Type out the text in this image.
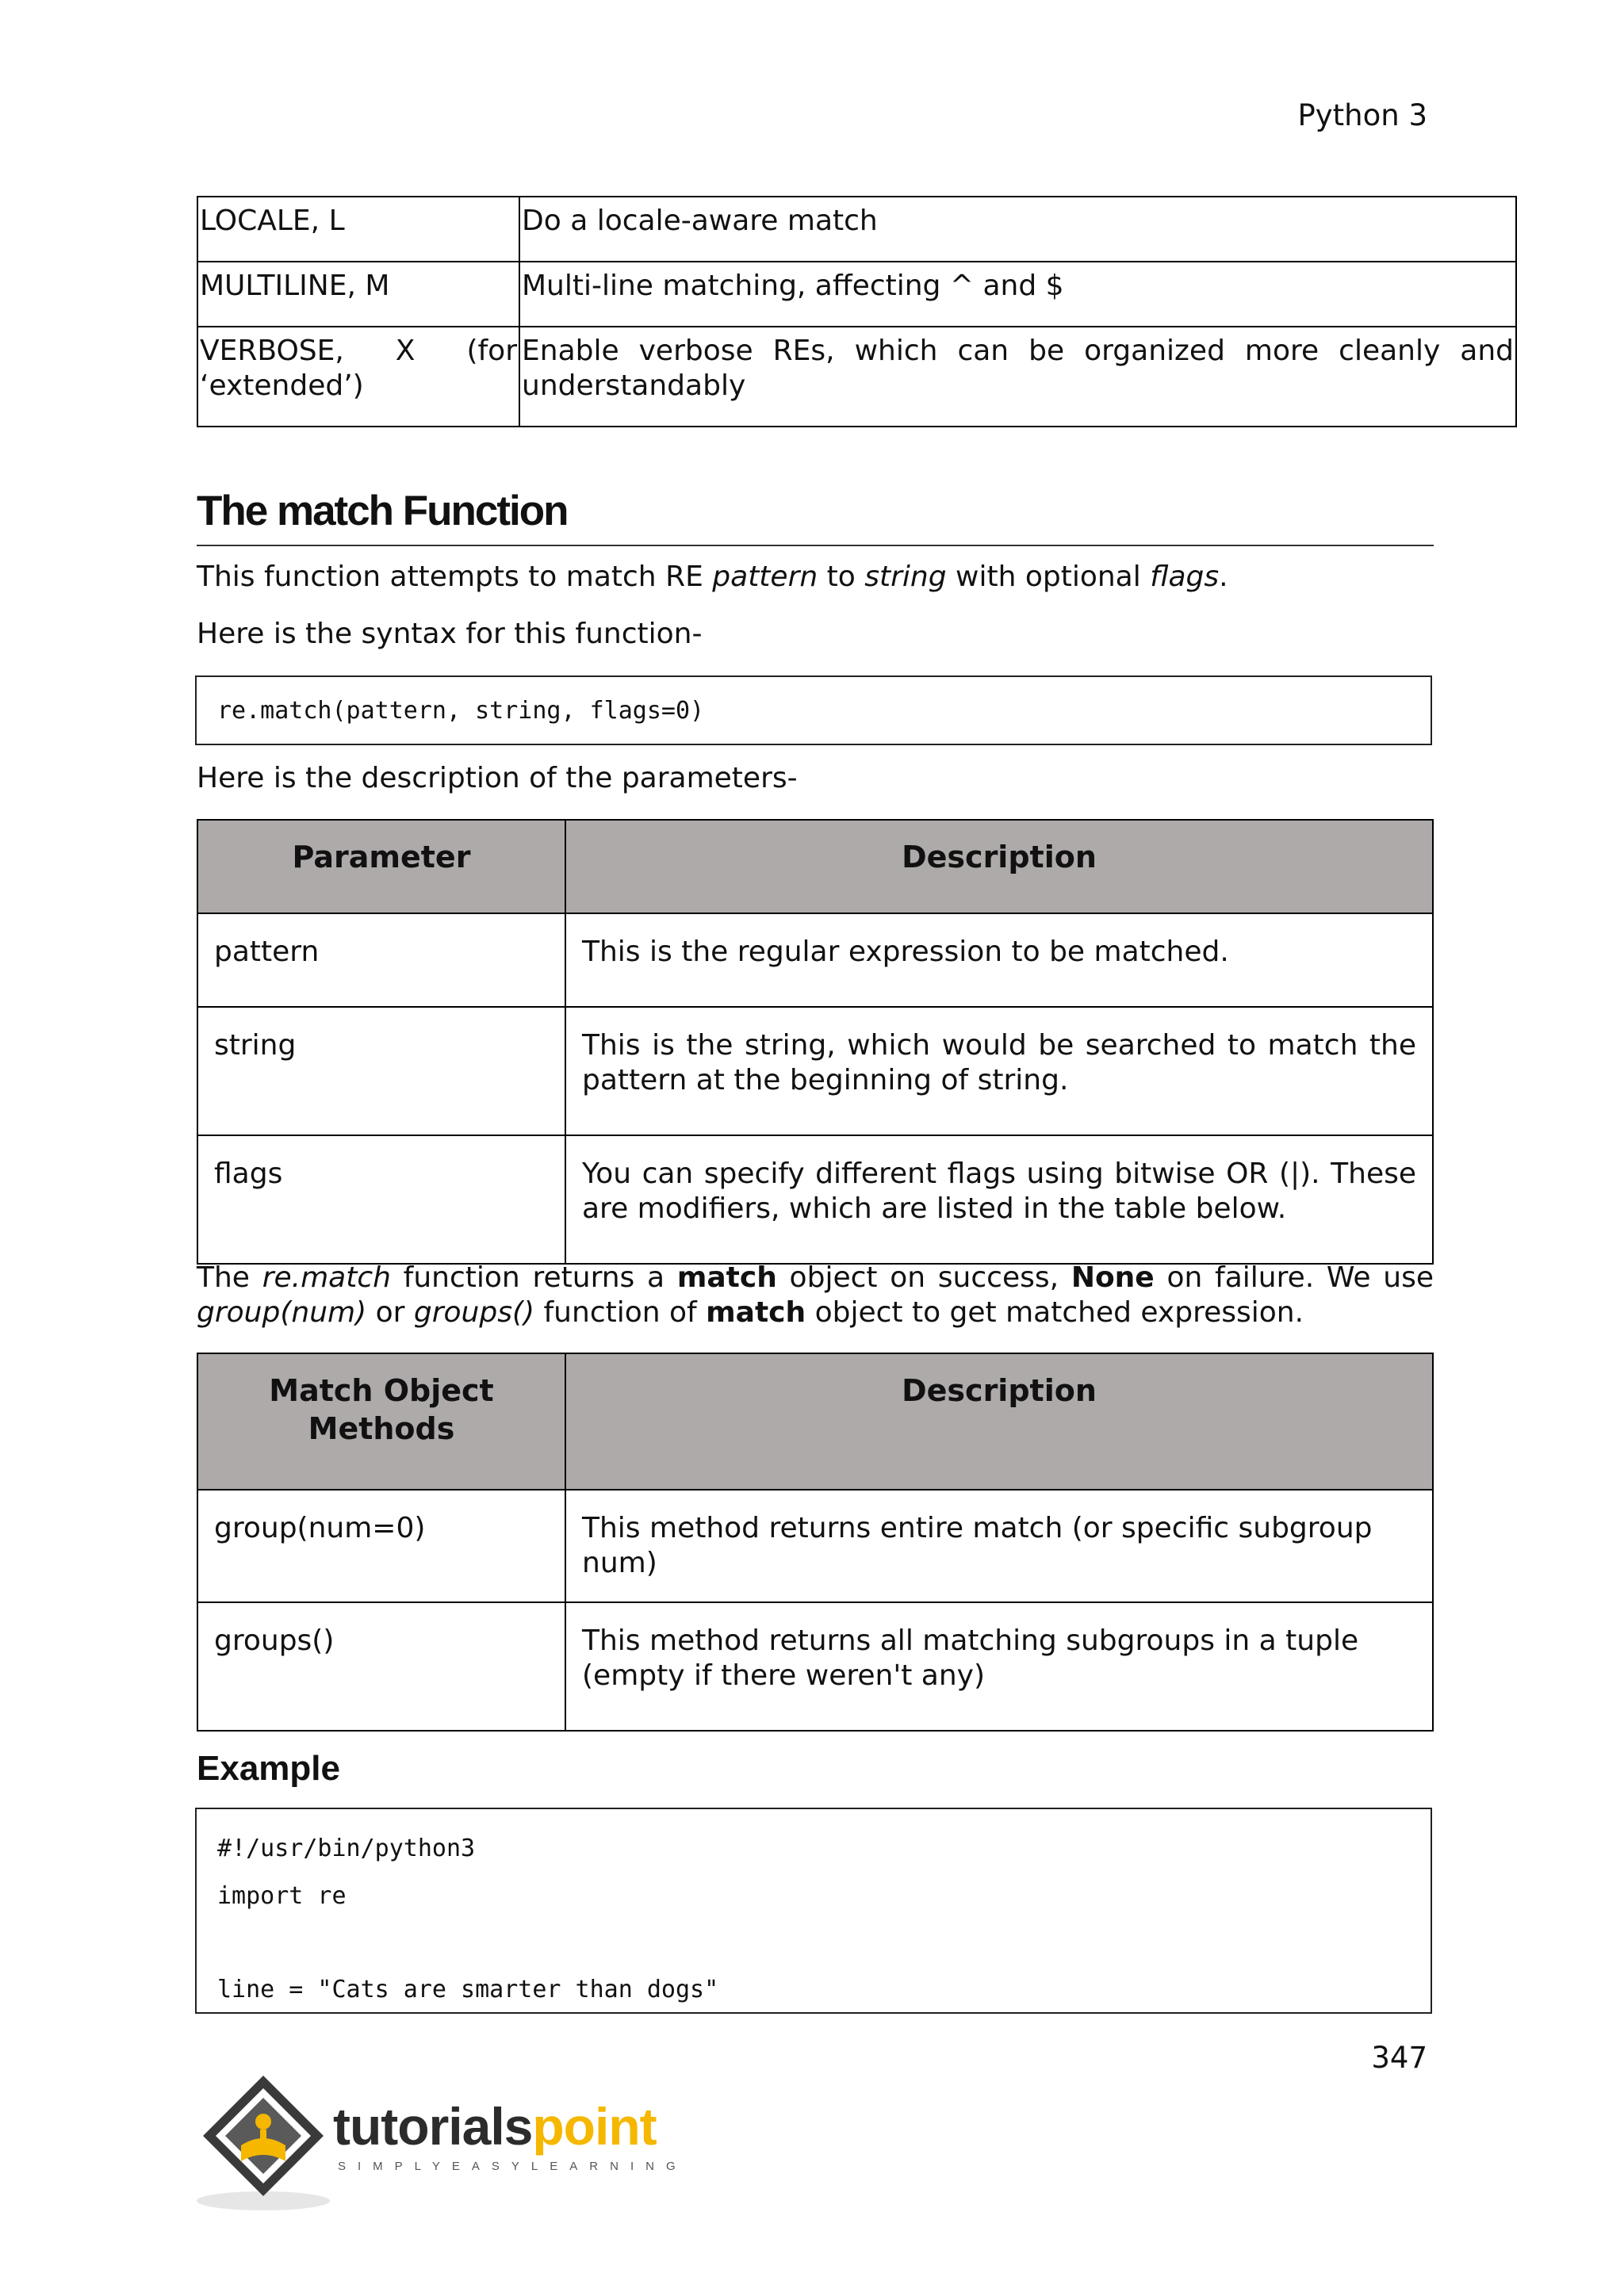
Python 3
LOCALE, L	Do a locale-aware match
MULTILINE, M	Multi-line matching, affecting ^ and $
VERBOSE, X (for ‘extended’)	Enable verbose REs, which can be organized more cleanly and understandably
The match Function
This function attempts to match RE pattern to string with optional flags.
Here is the syntax for this function-
re.match(pattern, string, flags=0)
Here is the description of the parameters-
Parameter	Description
pattern	This is the regular expression to be matched.
string	This is the string, which would be searched to match the pattern at the beginning of string.
flags	You can specify different flags using bitwise OR (|). These are modifiers, which are listed in the table below.
The re.match function returns a match object on success, None on failure. We use group(num) or groups() function of match object to get matched expression.
Match Object Methods	Description
group(num=0)	This method returns entire match (or specific subgroup num)
groups()	This method returns all matching subgroups in a tuple (empty if there weren't any)
Example
#!/usr/bin/python3
import re
line = "Cats are smarter than dogs"
347
tutorialspoint
SIMPLYEASYLEARNING
